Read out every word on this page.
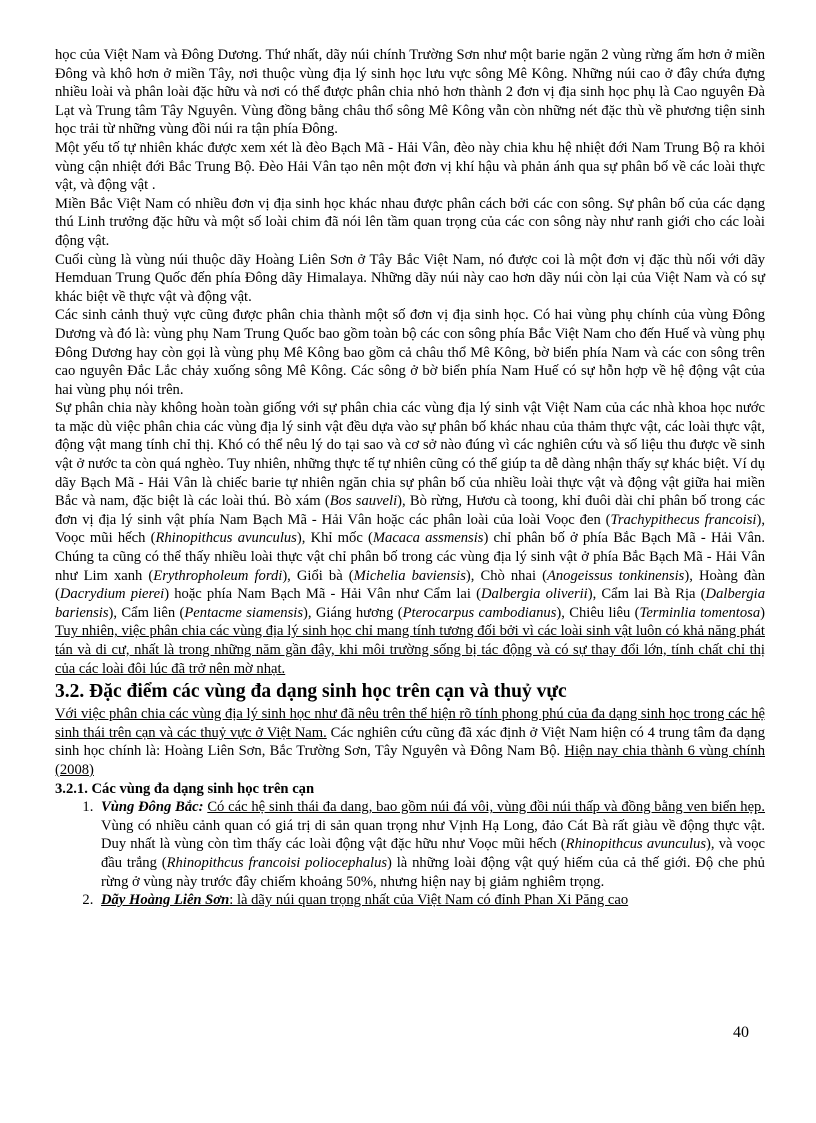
học của Việt Nam và Đông Dương. Thứ nhất, dãy núi chính Trường Sơn như một barie ngăn 2 vùng rừng ấm hơn ở miền Đông và khô hơn ở miền Tây, nơi thuộc vùng địa lý sinh học lưu vực sông Mê Kông. Những núi cao ở đây chứa đựng nhiều loài và phân loài đặc hữu và nơi có thể được phân chia nhỏ hơn thành 2 đơn vị địa sinh học phụ là Cao nguyên Đà Lạt và Trung tâm Tây Nguyên. Vùng đồng bằng châu thổ sông Mê Kông vẫn còn những nét đặc thù về phương tiện sinh học trải từ những vùng đồi núi ra tận phía Đông.

Một yếu tố tự nhiên khác được xem xét là đèo Bạch Mã - Hải Vân, đèo này chia khu hệ nhiệt đới Nam Trung Bộ ra khỏi vùng cận nhiệt đới Bắc Trung Bộ. Đèo Hải Vân tạo nên một đơn vị khí hậu và phản ánh qua sự phân bố về các loài thực vật, và động vật .

Miền Bắc Việt Nam có nhiều đơn vị địa sinh học khác nhau được phân cách bởi các con sông. Sự phân bố của các dạng thú Linh trưởng đặc hữu và một số loài chim đã nói lên tầm quan trọng của các con sông này như ranh giới cho các loài động vật.

Cuối cùng là vùng núi thuộc dãy Hoàng Liên Sơn ở Tây Bắc Việt Nam, nó được coi là một đơn vị đặc thù nối với dãy Hemduan Trung Quốc đến phía Đông dãy Himalaya. Những dãy núi này cao hơn dãy núi còn lại của Việt Nam và có sự khác biệt về thực vật và động vật.

Các sinh cảnh thuỷ vực cũng được phân chia thành một số đơn vị địa sinh học. Có hai vùng phụ chính của vùng Đông Dương và đó là: vùng phụ Nam Trung Quốc bao gồm toàn bộ các con sông phía Bắc Việt Nam cho đến Huế và vùng phụ Đông Dương hay còn gọi là vùng phụ Mê Kông bao gồm cả châu thổ Mê Kông, bờ biển phía Nam và các con sông trên cao nguyên Đắc Lắc chảy xuống sông Mê Kông. Các sông ở bờ biển phía Nam Huế có sự hỗn hợp về hệ động vật của hai vùng phụ nói trên.

Sự phân chia này không hoàn toàn giống với sự phân chia các vùng địa lý sinh vật Việt Nam của các nhà khoa học nước ta mặc dù việc phân chia các vùng địa lý sinh vật đều dựa vào sự phân bố khác nhau của thảm thực vật, các loài thực vật, động vật mang tính chỉ thị. Khó có thể nêu lý do tại sao và cơ sở nào đúng vì các nghiên cứu và số liệu thu được về sinh vật ở nước ta còn quá nghèo. Tuy nhiên, những thực tế tự nhiên cũng có thể giúp ta dễ dàng nhận thấy sự khác biệt. Ví dụ dãy Bạch Mã - Hải Vân là chiếc barie tự nhiên ngăn chia sự phân bố của nhiều loài thực vật và động vật giữa hai miền Bắc và nam, đặc biệt là các loài thú. Bò xám (Bos sauveli), Bò rừng, Hươu cà toong, khỉ đuôi dài chỉ phân bố trong các đơn vị địa lý sinh vật phía Nam Bạch Mã - Hải Vân hoặc các phân loài của loài Voọc đen (Trachypithecus francoisi), Voọc mũi hếch (Rhinopithcus avunculus), Khỉ mốc (Macaca assmensis) chỉ phân bố ở phía Bắc Bạch Mã - Hải Vân. Chúng ta cũng có thể thấy nhiều loài thực vật chỉ phân bố trong các vùng địa lý sinh vật ở phía Bắc Bạch Mã - Hải Vân như Lim xanh (Erythropholeum fordi), Giổi bà (Michelia baviensis), Chò nhai (Anogeissus tonkinensis), Hoàng đàn (Dacrydium pierei) hoặc phía Nam Bạch Mã - Hải Vân như Cẩm lai (Dalbergia oliverii), Cẩm lai Bà Rịa (Dalbergia bariensis), Cẩm liên (Pentacme siamensis), Giáng hương (Pterocarpus cambodianus), Chiêu liêu (Terminlia tomentosa) Tuy nhiên, việc phân chia các vùng địa lý sinh học chỉ mang tính tương đối bởi vì các loài sinh vật luôn có khả năng phát tán và di cư, nhất là trong những năm gần đây, khi môi trường sống bị tác động và có sự thay đổi lớn, tính chất chỉ thị của các loài đôi lúc đã trở nên mờ nhạt.

3.2. Đặc điểm các vùng đa dạng sinh học trên cạn và thuỷ vực

Với việc phân chia các vùng địa lý sinh học như đã nêu trên thể hiện rõ tính phong phú của đa dạng sinh học trong các hệ sinh thái trên cạn và các thuỷ vực ở Việt Nam. Các nghiên cứu cũng đã xác định ở Việt Nam hiện có 4 trung tâm đa dạng sinh học chính là: Hoàng Liên Sơn, Bắc Trường Sơn, Tây Nguyên và Đông Nam Bộ. Hiện nay chia thành 6 vùng chính (2008)

3.2.1. Các vùng đa dạng sinh học trên cạn
1. Vùng Đông Bắc: Có các hệ sinh thái đa dang, bao gồm núi đá vôi, vùng đồi núi thấp và đồng bằng ven biển hẹp. Vùng có nhiều cảnh quan có giá trị di sản quan trọng như Vịnh Hạ Long, đảo Cát Bà rất giàu về động thực vật. Duy nhất là vùng còn tìm thấy các loài động vật đặc hữu như Voọc mũi hếch (Rhinopithcus avunculus), và voọc đầu trắng (Rhinopithcus francoisi poliocephalus) là những loài động vật quý hiếm của cả thế giới. Độ che phủ rừng ở vùng này trước đây chiếm khoảng 50%, nhưng hiện nay bị giảm nghiêm trọng.
2. Dãy Hoàng Liên Sơn: là dãy núi quan trọng nhất của Việt Nam có đỉnh Phan Xi Păng cao
40
